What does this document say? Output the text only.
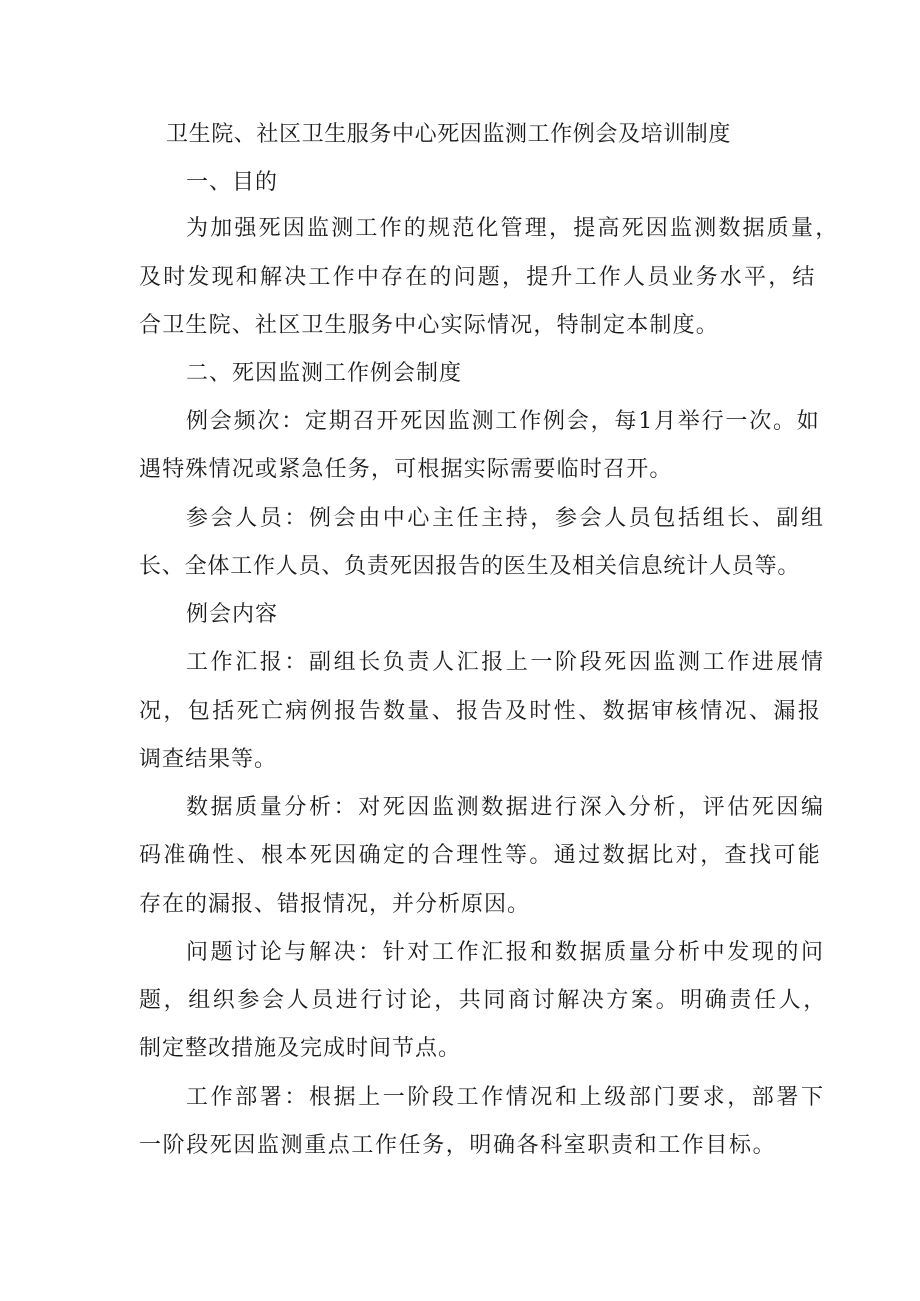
卫生院、社区卫生服务中心死因监测工作例会及培训制度
一、目的
为加强死因监测工作的规范化管理，提高死因监测数据质量，
及时发现和解决工作中存在的问题，提升工作人员业务水平，结
合卫生院、社区卫生服务中心实际情况，特制定本制度。
二、死因监测工作例会制度
例会频次：定期召开死因监测工作例会，每1月举行一次。如
遇特殊情况或紧急任务，可根据实际需要临时召开。
参会人员：例会由中心主任主持，参会人员包括组长、副组
长、全体工作人员、负责死因报告的医生及相关信息统计人员等。
例会内容
工作汇报：副组长负责人汇报上一阶段死因监测工作进展情
况，包括死亡病例报告数量、报告及时性、数据审核情况、漏报
调查结果等。
数据质量分析：对死因监测数据进行深入分析，评估死因编
码准确性、根本死因确定的合理性等。通过数据比对，查找可能
存在的漏报、错报情况，并分析原因。
问题讨论与解决：针对工作汇报和数据质量分析中发现的问
题，组织参会人员进行讨论，共同商讨解决方案。明确责任人，
制定整改措施及完成时间节点。
工作部署：根据上一阶段工作情况和上级部门要求，部署下
一阶段死因监测重点工作任务，明确各科室职责和工作目标。
